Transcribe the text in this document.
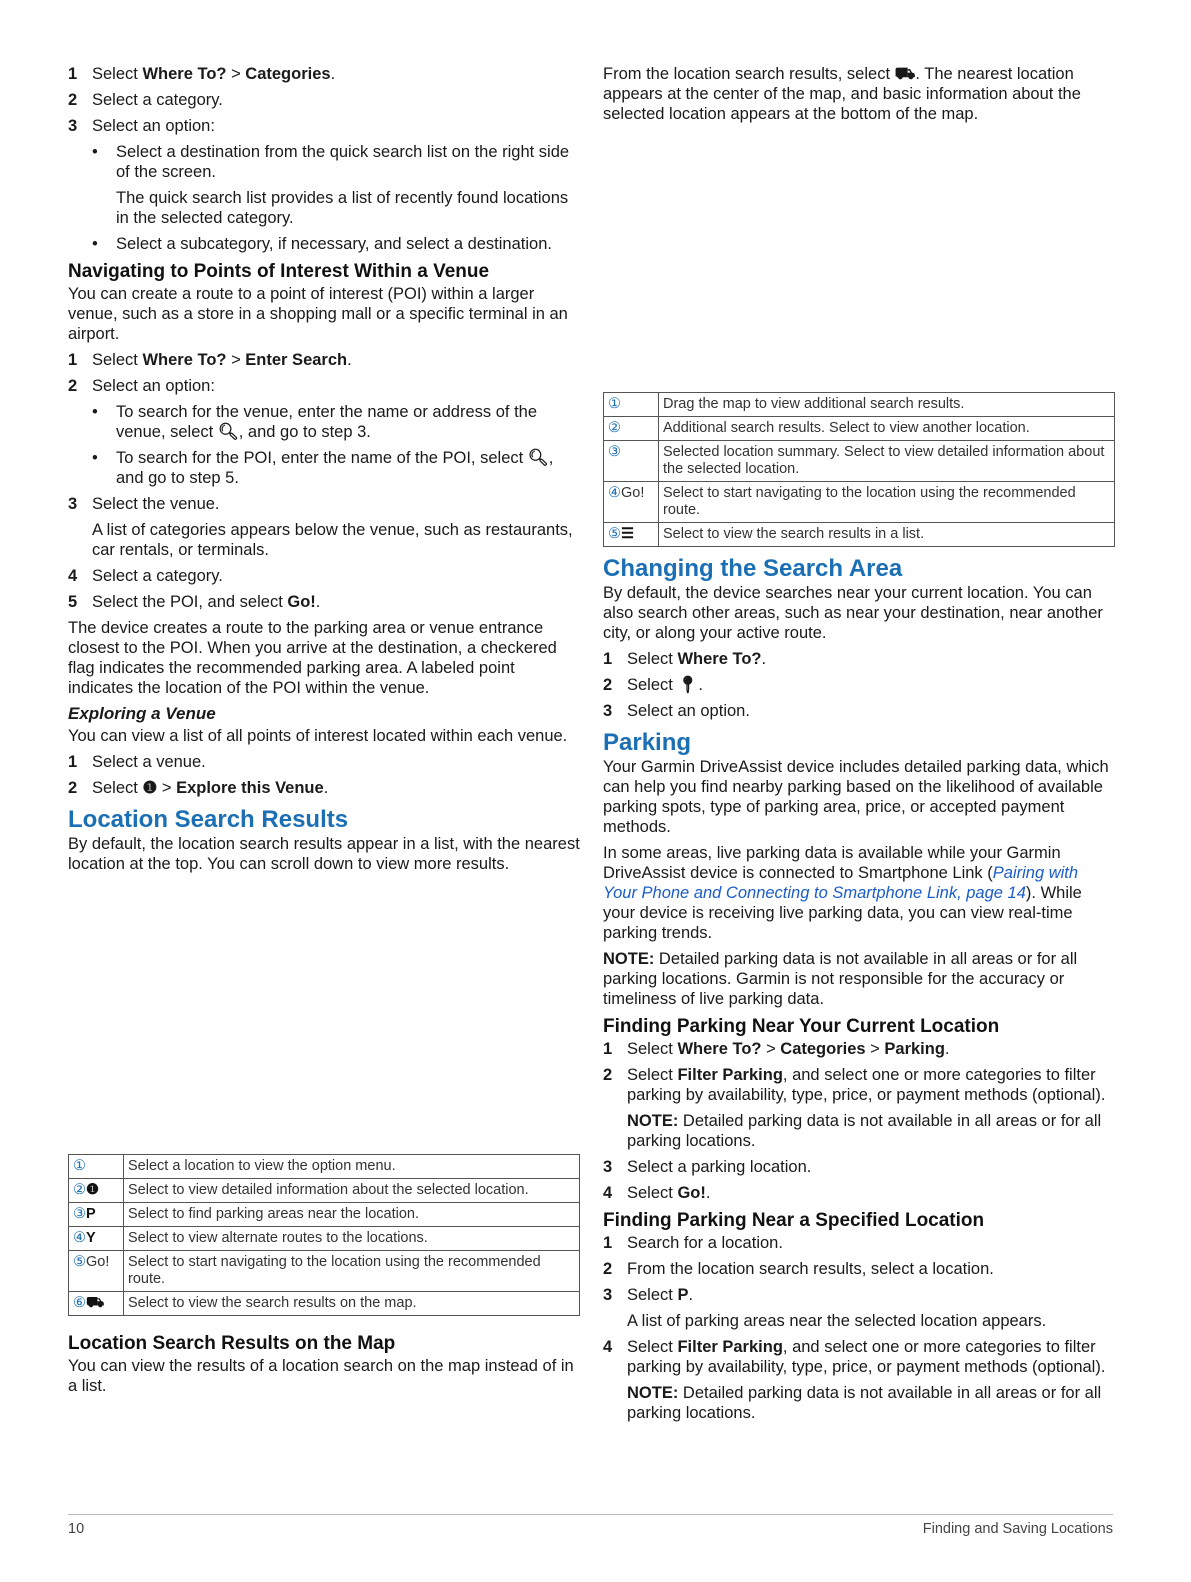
1 Select Where To? > Categories.
2 Select a category.
3 Select an option:
•	Select a destination from the quick search list on the right side of the screen.

The quick search list provides a list of recently found locations in the selected category.

•	Select a subcategory, if necessary, and select a destination.
Navigating to Points of Interest Within a Venue

You can create a route to a point of interest (POI) within a larger venue, such as a store in a shopping mall or a specific terminal in an airport.

1 Select Where To? > Enter Search.
2 Select an option:
•	To search for the venue, enter the name or address of the venue, select 🔍︎, and go to step 3.
•	To search for the POI, enter the name of the POI, select 🔍︎, and go to step 5.
3 Select the venue.

A list of categories appears below the venue, such as restaurants, car rentals, or terminals.

4 Select a category.
5 Select the POI, and select Go!.

The device creates a route to the parking area or venue entrance closest to the POI. When you arrive at the destination, a checkered flag indicates the recommended parking area. A labeled point indicates the location of the POI within the venue.

Exploring a Venue

You can view a list of all points of interest located within each venue.

1 Select a venue.
2 Select ❶ > Explore this Venue.
Location Search Results

By default, the location search results appear in a list, with the nearest location at the top. You can scroll down to view more results.

①	Select a location to view the option menu.
②❶	Select to view detailed information about the selected location.
③P	Select to find parking areas near the location.
④Y	Select to view alternate routes to the locations.
⑤Go!	Select to start navigating to the location using the recommended route.
⑥⛟	Select to view the search results on the map.
Location Search Results on the Map

You can view the results of a location search on the map instead of in a list.

From the location search results, select ⛟. The nearest location appears at the center of the map, and basic information about the selected location appears at the bottom of the map.

①	Drag the map to view additional search results.
②	Additional search results. Select to view another location.
③	Selected location summary. Select to view detailed information about the selected location.
④Go!	Select to start navigating to the location using the recommended route.
⑤☰	Select to view the search results in a list.
Changing the Search Area

By default, the device searches near your current location. You can also search other areas, such as near your destination, near another city, or along your active route.

1 Select Where To?.
2 Select 📍︎.
3 Select an option.
Parking

Your Garmin DriveAssist device includes detailed parking data, which can help you find nearby parking based on the likelihood of available parking spots, type of parking area, price, or accepted payment methods.

In some areas, live parking data is available while your Garmin DriveAssist device is connected to Smartphone Link (Pairing with Your Phone and Connecting to Smartphone Link, page 14). While your device is receiving live parking data, you can view real-time parking trends.

NOTE: Detailed parking data is not available in all areas or for all parking locations. Garmin is not responsible for the accuracy or timeliness of live parking data.

Finding Parking Near Your Current Location
1 Select Where To? > Categories > Parking.
2 Select Filter Parking, and select one or more categories to filter parking by availability, type, price, or payment methods (optional).

NOTE: Detailed parking data is not available in all areas or for all parking locations.

3 Select a parking location.
4 Select Go!.
Finding Parking Near a Specified Location
1 Search for a location.
2 From the location search results, select a location.
3 Select P.

A list of parking areas near the selected location appears.

4 Select Filter Parking, and select one or more categories to filter parking by availability, type, price, or payment methods (optional).

NOTE: Detailed parking data is not available in all areas or for all parking locations.

10	Finding and Saving Locations
